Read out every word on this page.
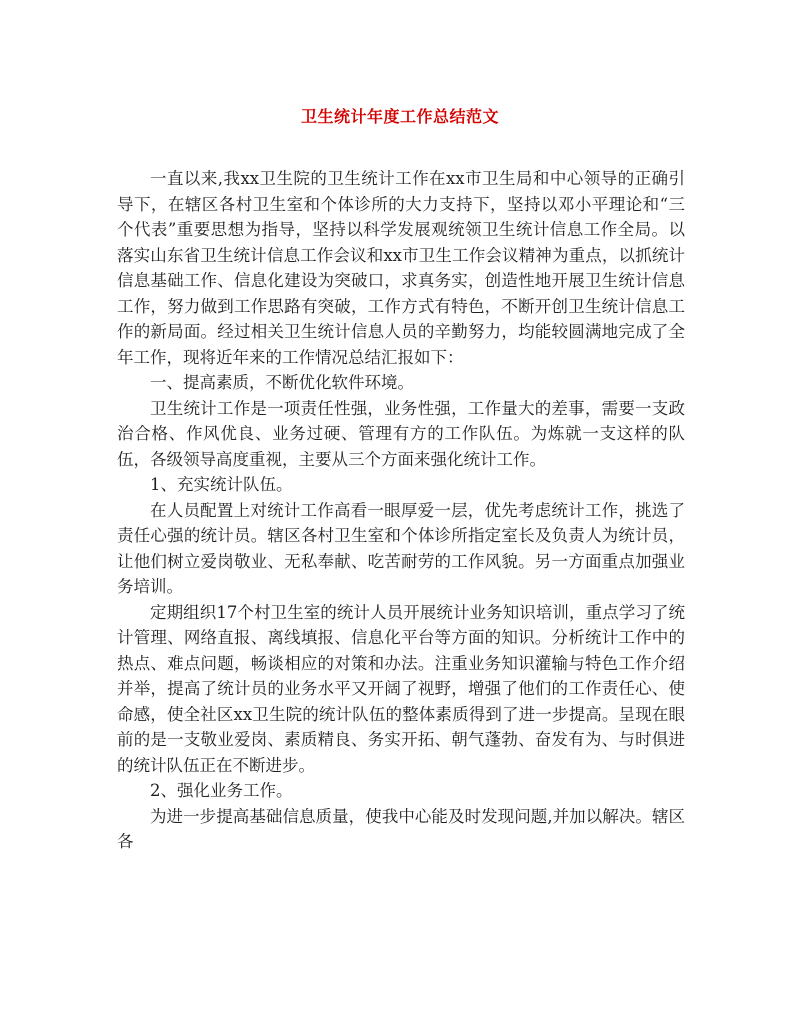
卫生统计年度工作总结范文

一直以来,我xx卫生院的卫生统计工作在xx市卫生局和中心领导的正确引导下，在辖区各村卫生室和个体诊所的大力支持下，坚持以邓小平理论和“三个代表”重要思想为指导，坚持以科学发展观统领卫生统计信息工作全局。以落实山东省卫生统计信息工作会议和xx市卫生工作会议精神为重点，以抓统计信息基础工作、信息化建设为突破口，求真务实，创造性地开展卫生统计信息工作，努力做到工作思路有突破，工作方式有特色，不断开创卫生统计信息工作的新局面。经过相关卫生统计信息人员的辛勤努力，均能较圆满地完成了全年工作，现将近年来的工作情况总结汇报如下：

一、提高素质，不断优化软件环境。

卫生统计工作是一项责任性强，业务性强，工作量大的差事，需要一支政治合格、作风优良、业务过硬、管理有方的工作队伍。为炼就一支这样的队伍，各级领导高度重视，主要从三个方面来强化统计工作。

1、充实统计队伍。

在人员配置上对统计工作高看一眼厚爱一层，优先考虑统计工作，挑选了责任心强的统计员。辖区各村卫生室和个体诊所指定室长及负责人为统计员，让他们树立爱岗敬业、无私奉献、吃苦耐劳的工作风貌。另一方面重点加强业务培训。

定期组织17个村卫生室的统计人员开展统计业务知识培训，重点学习了统计管理、网络直报、离线填报、信息化平台等方面的知识。分析统计工作中的热点、难点问题，畅谈相应的对策和办法。注重业务知识灌输与特色工作介绍并举，提高了统计员的业务水平又开阔了视野，增强了他们的工作责任心、使命感，使全社区xx卫生院的统计队伍的整体素质得到了进一步提高。呈现在眼前的是一支敬业爱岗、素质精良、务实开拓、朝气蓬勃、奋发有为、与时俱进的统计队伍正在不断进步。

2、强化业务工作。

为进一步提高基础信息质量，使我中心能及时发现问题,并加以解决。辖区各
